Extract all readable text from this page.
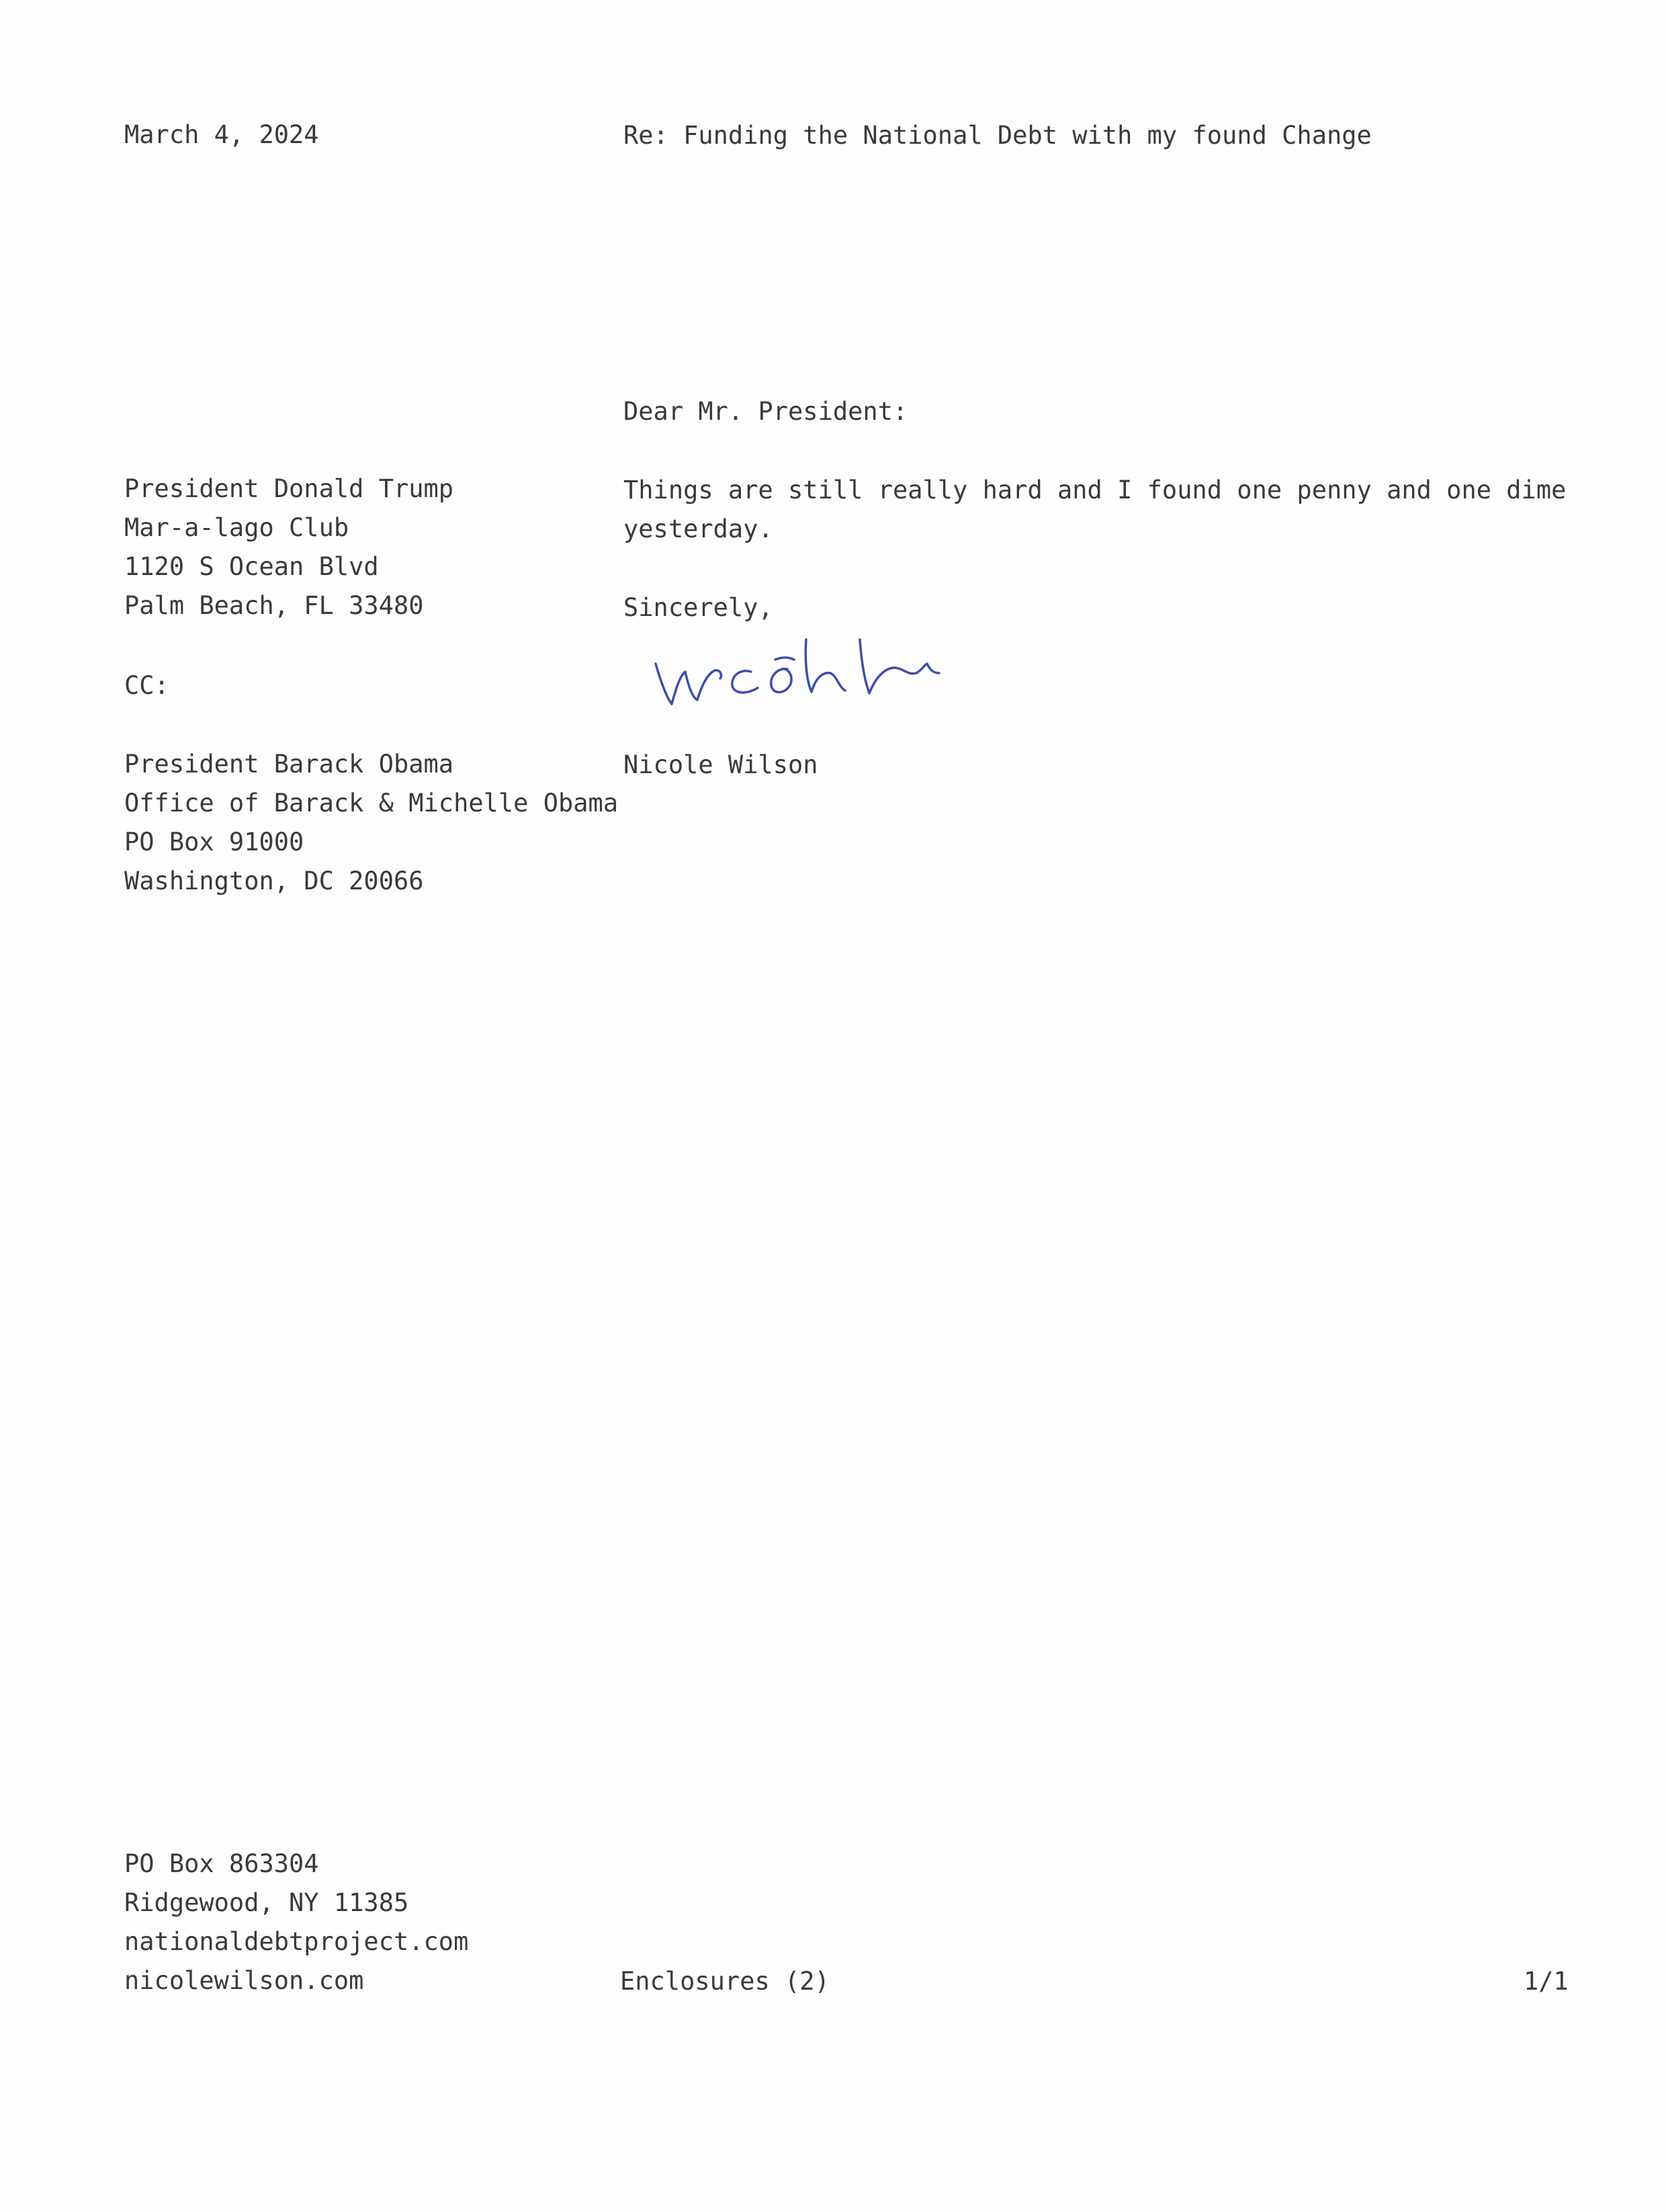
March 4, 2024	Re: Funding the National Debt with my found Change
Dear Mr. President:
Things are still really hard and I found one penny and one dime
yesterday.
Sincerely,
Nicole Wilson
President Donald Trump
Mar-a-lago Club
1120 S Ocean Blvd
Palm Beach, FL 33480
CC:
President Barack Obama
Office of Barack & Michelle Obama
PO Box 91000
Washington, DC 20066
PO Box 863304
Ridgewood, NY 11385
nationaldebtproject.com
nicolewilson.com	Enclosures (2)	1/1
